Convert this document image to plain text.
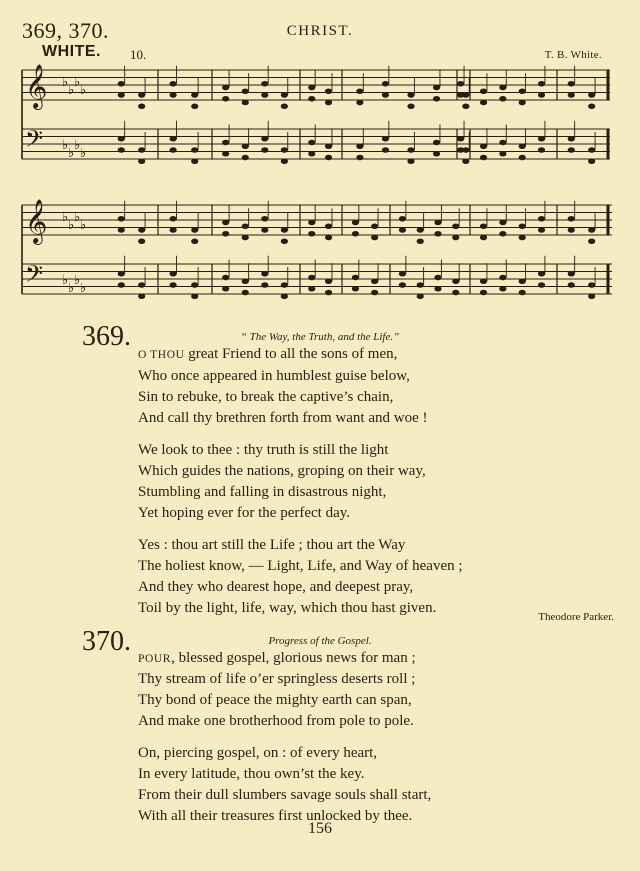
369, 370.	CHRIST.
WHITE. 10.	T. B. White.
𝄞 ♭
♭
♭
♭
𝄢 ♭
♭
♭
♭
𝄞 ♭
♭
♭
♭
𝄢 ♭
♭
♭
♭
369.	“ The Way, the Truth, and the Life.”
O THOU great Friend to all the sons of men,
Who once appeared in humblest guise below,
Sin to rebuke, to break the captive’s chain,
And call thy brethren forth from want and woe !
We look to thee : thy truth is still the light
Which guides the nations, groping on their way,
Stumbling and falling in disastrous night,
Yet hoping ever for the perfect day.
Yes : thou art still the Life ; thou art the Way
The holiest know, — Light, Life, and Way of heaven ;
And they who dearest hope, and deepest pray,
Toil by the light, life, way, which thou hast given.
Theodore Parker.
370.	Progress of the Gospel.
POUR, blessed gospel, glorious news for man ;
Thy stream of life o’er springless deserts roll ;
Thy bond of peace the mighty earth can span,
And make one brotherhood from pole to pole.
On, piercing gospel, on : of every heart,
In every latitude, thou own’st the key.
From their dull slumbers savage souls shall start,
With all their treasures first unlocked by thee.
156
